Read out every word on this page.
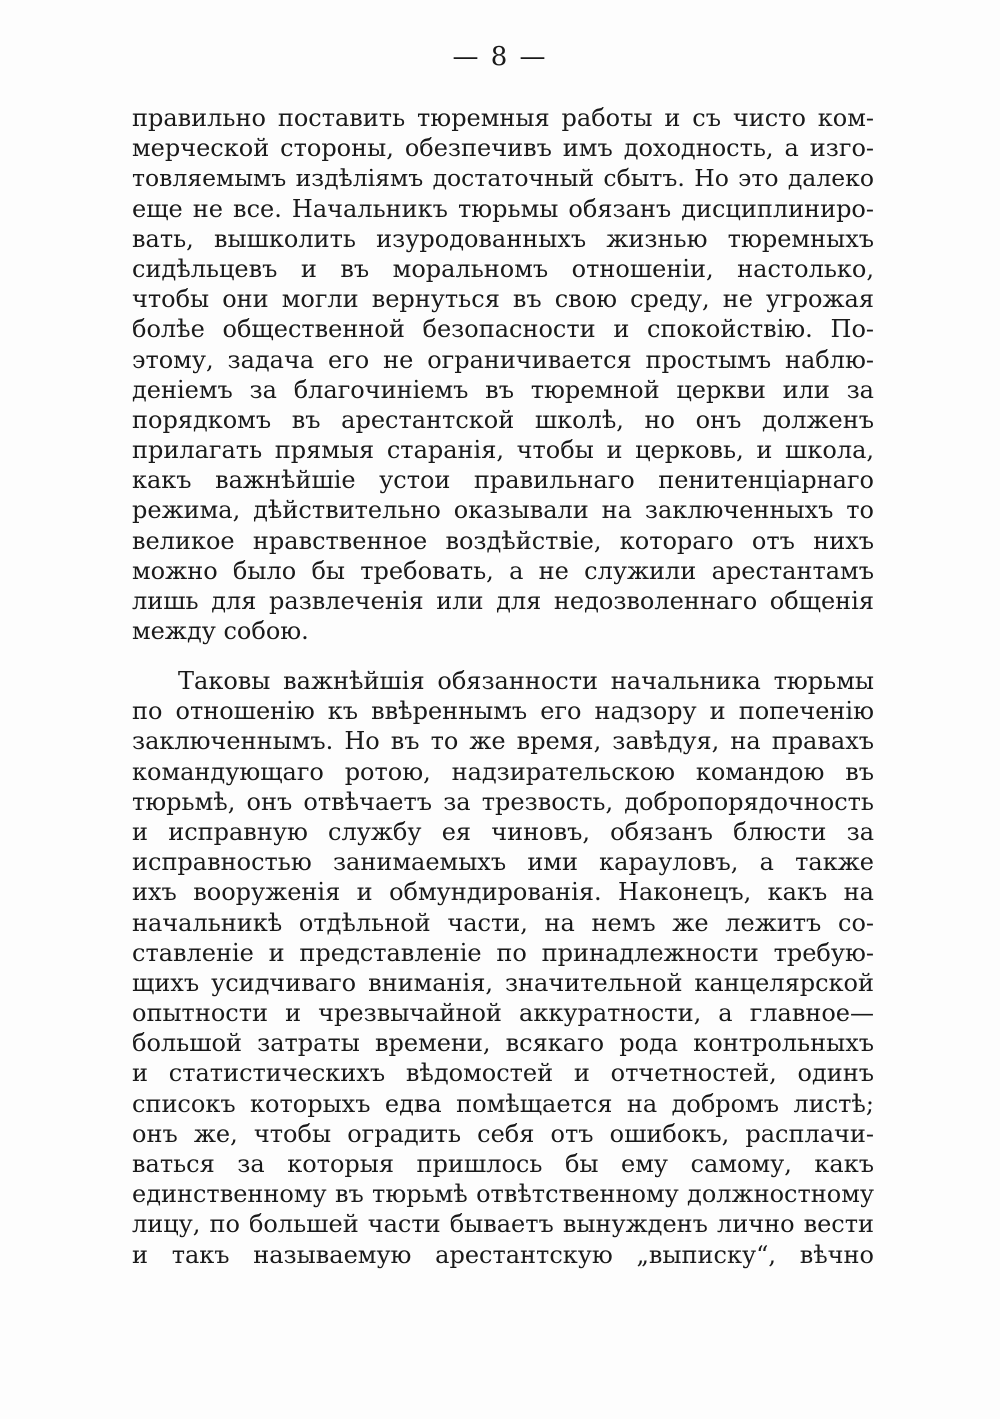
— 8 —
правильно поставить тюремныя работы и съ чисто ком-
мерческой стороны, обезпечивъ имъ доходность, а изго-
товляемымъ издѣліямъ достаточный сбытъ. Но это далеко
еще не все. Начальникъ тюрьмы обязанъ дисциплиниро-
вать, вышколить изуродованныхъ жизнью тюремныхъ
сидѣльцевъ и въ моральномъ отношеніи, настолько,
чтобы они могли вернуться въ свою среду, не угрожая
болѣе общественной безопасности и спокойствію. По-
этому, задача его не ограничивается простымъ наблю-
деніемъ за благочиніемъ въ тюремной церкви или за
порядкомъ въ арестантской школѣ, но онъ долженъ
прилагать прямыя старанія, чтобы и церковь, и школа,
какъ важнѣйшіе устои правильнаго пенитенціарнаго
режима, дѣйствительно оказывали на заключенныхъ то
великое нравственное воздѣйствіе, котораго отъ нихъ
можно было бы требовать, а не служили арестантамъ
лишь для развлеченія или для недозволеннаго общенія
между собою.
Таковы важнѣйшія обязанности начальника тюрьмы
по отношенію къ ввѣреннымъ его надзору и попеченію
заключеннымъ. Но въ то же время, завѣдуя, на правахъ
командующаго ротою, надзирательскою командою въ
тюрьмѣ, онъ отвѣчаетъ за трезвость, добропорядочность
и исправную службу ея чиновъ, обязанъ блюсти за
исправностью занимаемыхъ ими карауловъ, а также
ихъ вооруженія и обмундированія. Наконецъ, какъ на
начальникѣ отдѣльной части, на немъ же лежитъ со-
ставленіе и представленіе по принадлежности требую-
щихъ усидчиваго вниманія, значительной канцелярской
опытности и чрезвычайной аккуратности, а главное—
большой затраты времени, всякаго рода контрольныхъ
и статистическихъ вѣдомостей и отчетностей, одинъ
списокъ которыхъ едва помѣщается на добромъ листѣ;
онъ же, чтобы оградить себя отъ ошибокъ, расплачи-
ваться за которыя пришлось бы ему самому, какъ
единственному въ тюрьмѣ отвѣтственному должностному
лицу, по большей части бываетъ вынужденъ лично вести
и такъ называемую арестантскую „выписку“, вѣчно
